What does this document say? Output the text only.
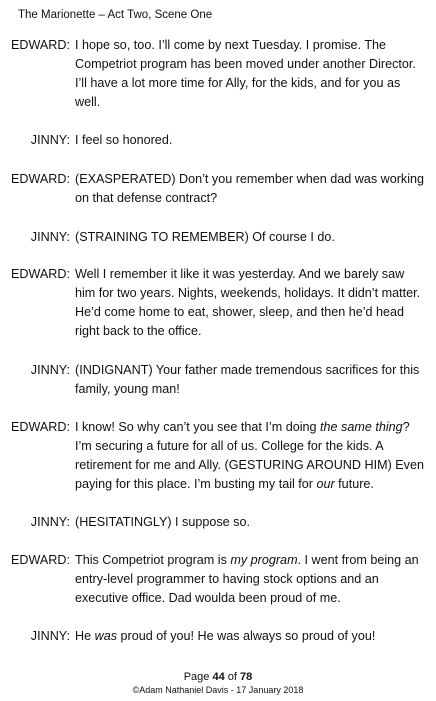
The Marionette – Act Two, Scene One
EDWARD: I hope so, too. I’ll come by next Tuesday. I promise. The Competriot program has been moved under another Director. I’ll have a lot more time for Ally, for the kids, and for you as well.
JINNY: I feel so honored.
EDWARD: (EXASPERATED) Don’t you remember when dad was working on that defense contract?
JINNY: (STRAINING TO REMEMBER) Of course I do.
EDWARD: Well I remember it like it was yesterday. And we barely saw him for two years. Nights, weekends, holidays. It didn’t matter. He’d come home to eat, shower, sleep, and then he’d head right back to the office.
JINNY: (INDIGNANT) Your father made tremendous sacrifices for this family, young man!
EDWARD: I know! So why can’t you see that I’m doing the same thing? I’m securing a future for all of us. College for the kids. A retirement for me and Ally. (GESTURING AROUND HIM) Even paying for this place. I’m busting my tail for our future.
JINNY: (HESITATINGLY) I suppose so.
EDWARD: This Competriot program is my program. I went from being an entry-level programmer to having stock options and an executive office. Dad woulda been proud of me.
JINNY: He was proud of you! He was always so proud of you!
Page 44 of 78
©Adam Nathaniel Davis - 17 January 2018
